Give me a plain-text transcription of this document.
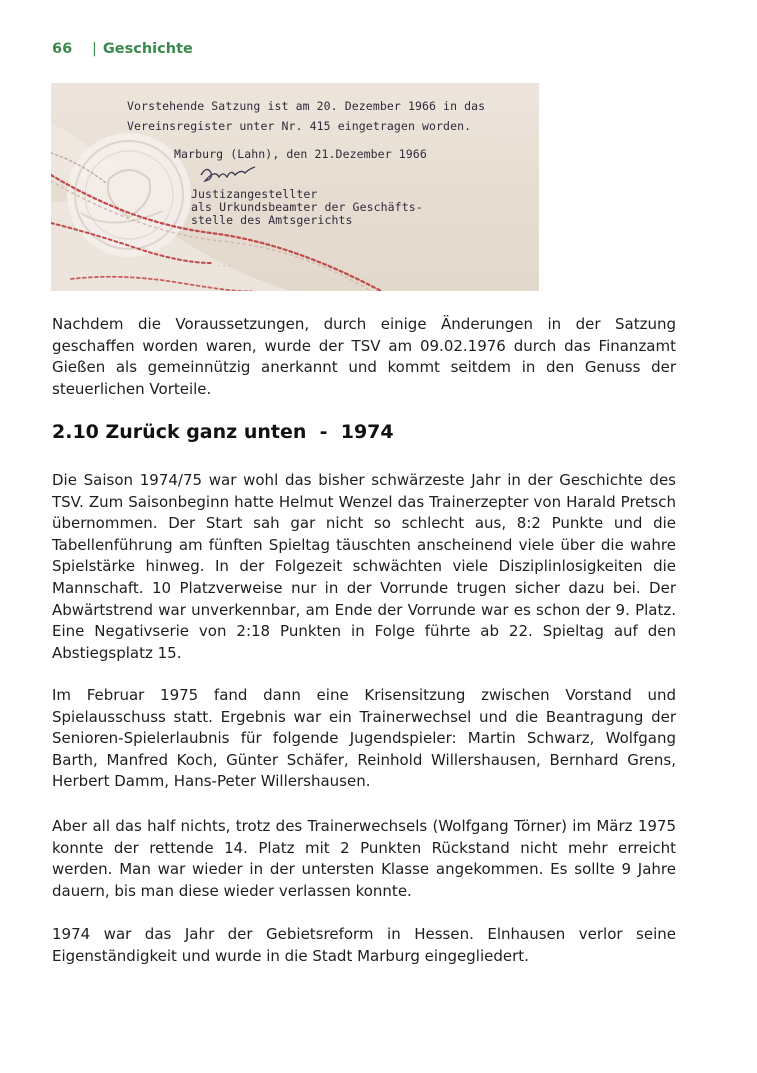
66 | Geschichte
· · ·
Vorstehende Satzung ist am 20. Dezember 1966 in das
Vereinsregister unter Nr. 415 eingetragen worden.
Marburg (Lahn), den 21.Dezember 1966
Justizangestellter
als Urkundsbeamter der Geschäfts-
stelle des Amtsgerichts

Nachdem die Voraussetzungen, durch einige Änderungen in der Satzung geschaffen worden waren, wurde der TSV am 09.02.1976 durch das Finanzamt Gießen als gemeinnützig anerkannt und kommt seitdem in den Genuss der steuerlichen Vorteile.

2.10 Zurück ganz unten  -  1974

Die Saison 1974/75 war wohl das bisher schwärzeste Jahr in der Geschichte des TSV. Zum Saisonbeginn hatte Helmut Wenzel das Trainerzepter von Harald Pretsch übernommen. Der Start sah gar nicht so schlecht aus, 8:2 Punkte und die Tabellenführung am fünften Spieltag täuschten anscheinend viele über die wahre Spielstärke hinweg. In der Folgezeit schwächten viele Disziplinlosigkeiten die Mannschaft. 10 Platzverweise nur in der Vorrunde trugen sicher dazu bei. Der Abwärtstrend war unverkennbar, am Ende der Vorrunde war es schon der 9. Platz. Eine Negativserie von 2:18 Punkten in Folge führte ab 22. Spieltag auf den Abstiegsplatz 15.

Im Februar 1975 fand dann eine Krisensitzung zwischen Vorstand und Spielausschuss statt. Ergebnis war ein Trainerwechsel und die Beantragung der Senioren-Spielerlaubnis für folgende Jugendspieler: Martin Schwarz, Wolfgang Barth, Manfred Koch, Günter Schäfer, Reinhold Willershausen, Bernhard Grens, Herbert Damm, Hans-Peter Willershausen.

Aber all das half nichts, trotz des Trainerwechsels (Wolfgang Törner) im März 1975 konnte der rettende 14. Platz mit 2 Punkten Rückstand nicht mehr erreicht werden. Man war wieder in der untersten Klasse angekommen. Es sollte 9 Jahre dauern, bis man diese wieder verlassen konnte.

1974 war das Jahr der Gebietsreform in Hessen. Elnhausen verlor seine Eigenständigkeit und wurde in die Stadt Marburg eingegliedert.
